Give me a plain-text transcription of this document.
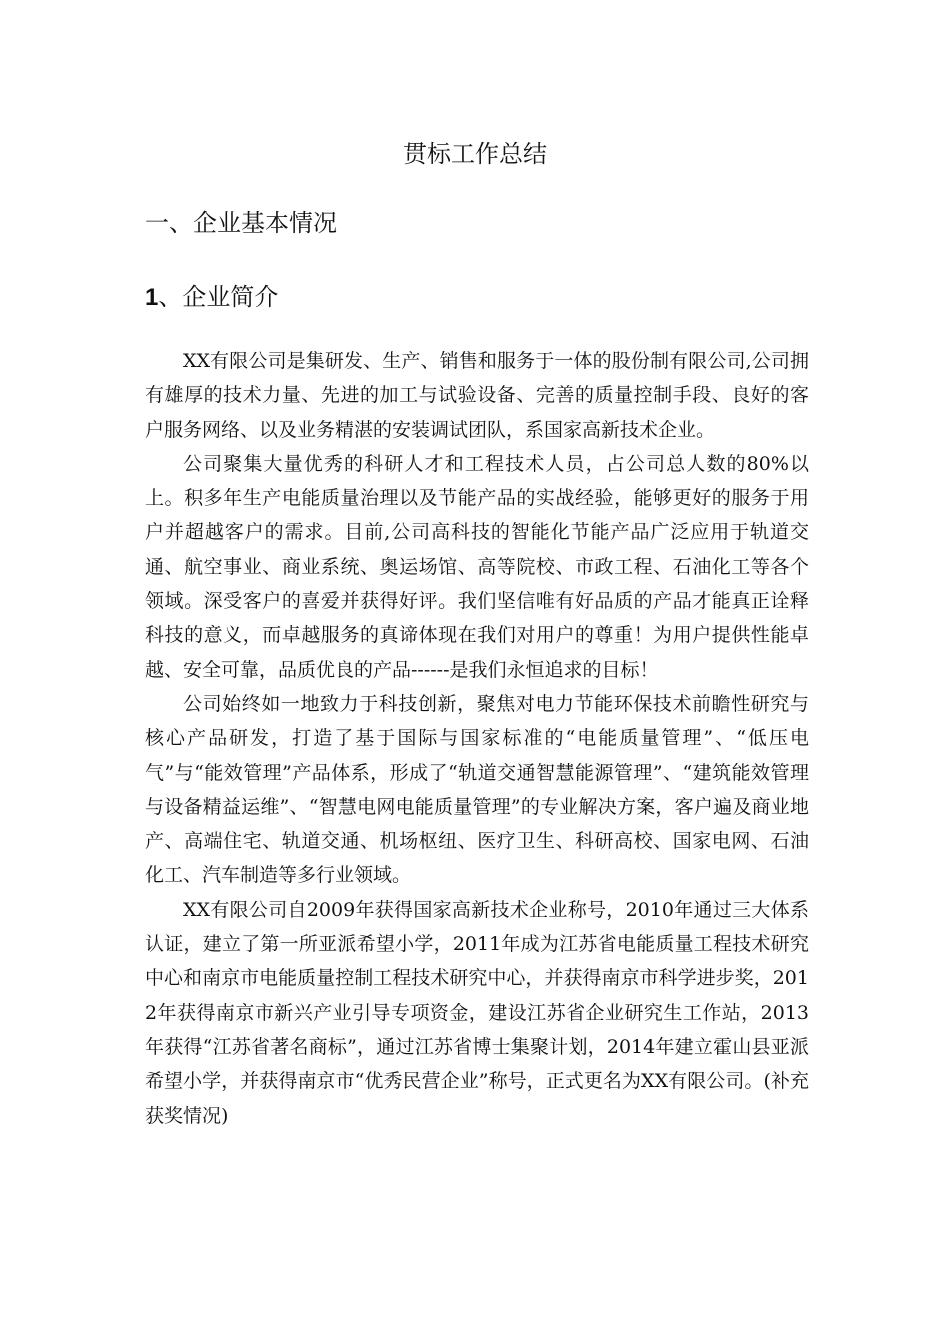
贯标工作总结
一、企业基本情况
1、企业简介

XX有限公司是集研发、生产、销售和服务于一体的股份制有限公司,公司拥有雄厚的技术力量、先进的加工与试验设备、完善的质量控制手段、良好的客户服务网络、以及业务精湛的安装调试团队，系国家高新技术企业。

公司聚集大量优秀的科研人才和工程技术人员，占公司总人数的80%以上。积多年生产电能质量治理以及节能产品的实战经验，能够更好的服务于用户并超越客户的需求。目前,公司高科技的智能化节能产品广泛应用于轨道交通、航空事业、商业系统、奥运场馆、高等院校、市政工程、石油化工等各个领域。深受客户的喜爱并获得好评。我们坚信唯有好品质的产品才能真正诠释科技的意义，而卓越服务的真谛体现在我们对用户的尊重！为用户提供性能卓越、安全可靠，品质优良的产品------是我们永恒追求的目标！

公司始终如一地致力于科技创新，聚焦对电力节能环保技术前瞻性研究与核心产品研发，打造了基于国际与国家标准的“电能质量管理”、“低压电气”与“能效管理”产品体系，形成了“轨道交通智慧能源管理”、“建筑能效管理与设备精益运维”、“智慧电网电能质量管理”的专业解决方案，客户遍及商业地产、高端住宅、轨道交通、机场枢纽、医疗卫生、科研高校、国家电网、石油化工、汽车制造等多行业领域。

XX有限公司自2009年获得国家高新技术企业称号，2010年通过三大体系认证，建立了第一所亚派希望小学，2011年成为江苏省电能质量工程技术研究中心和南京市电能质量控制工程技术研究中心，并获得南京市科学进步奖，2012年获得南京市新兴产业引导专项资金，建设江苏省企业研究生工作站，2013年获得“江苏省著名商标”，通过江苏省博士集聚计划，2014年建立霍山县亚派希望小学，并获得南京市“优秀民营企业”称号，正式更名为XX有限公司。(补充获奖情况)
